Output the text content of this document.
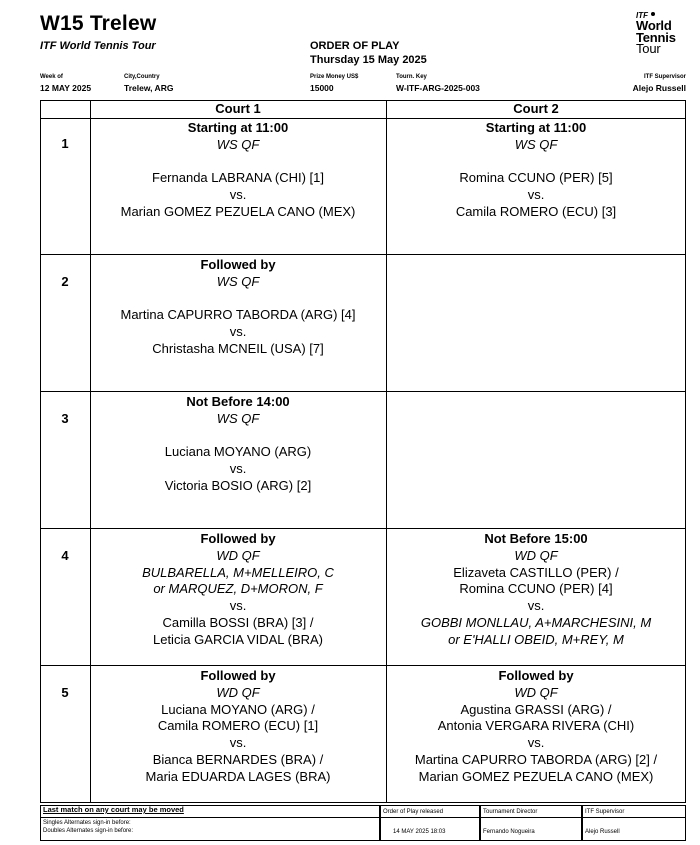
W15 Trelew
ITF World Tennis Tour	ORDER OF PLAY
Thursday 15 May 2025
ITF
World
Tennis
Tour
Week of
12 MAY 2025
City,Country
Trelew, ARG
Prize Money US$
15000
Tourn. Key
W-ITF-ARG-2025-003
ITF Supervisor
Alejo Russell
Court 1	Court 2
1
2
3
4
5
Starting at 11:00
WS QF
Fernanda LABRANA (CHI) [1]
vs.
Marian GOMEZ PEZUELA CANO (MEX)
Starting at 11:00
WS QF
Romina CCUNO (PER) [5]
vs.
Camila ROMERO (ECU) [3]
Followed by
WS QF
Martina CAPURRO TABORDA (ARG) [4]
vs.
Christasha MCNEIL (USA) [7]
Not Before 14:00
WS QF
Luciana MOYANO (ARG)
vs.
Victoria BOSIO (ARG) [2]
Followed by
WD QF
BULBARELLA, M+MELLEIRO, C
or MARQUEZ, D+MORON, F
vs.
Camilla BOSSI (BRA) [3] /
Leticia GARCIA VIDAL (BRA)
Not Before 15:00
WD QF
Elizaveta CASTILLO (PER) /
Romina CCUNO (PER) [4]
vs.
GOBBI MONLLAU, A+MARCHESINI, M
or E'HALLI OBEID, M+REY, M
Followed by
WD QF
Luciana MOYANO (ARG) /
Camila ROMERO (ECU) [1]
vs.
Bianca BERNARDES (BRA) /
Maria EDUARDA LAGES (BRA)
Followed by
WD QF
Agustina GRASSI (ARG) /
Antonia VERGARA RIVERA (CHI)
vs.
Martina CAPURRO TABORDA (ARG) [2] /
Marian GOMEZ PEZUELA CANO (MEX)
Last match on any court may be moved
Singles Alternates sign-in before:
Doubles Alternates sign-in before:
Order of Play released
14 MAY 2025 18:03
Tournament Director
Fernando Nogueira
ITF Supervisor
Alejo Russell
